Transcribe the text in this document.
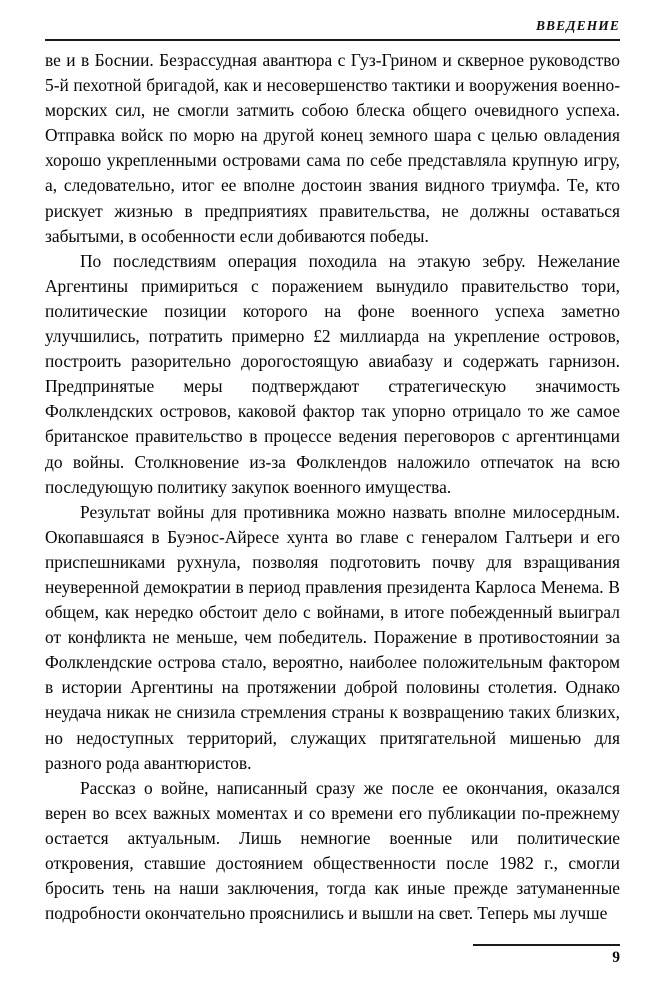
ВВЕДЕНИЕ

ве и в Боснии. Безрассудная авантюра с Гуз-Грином и скверное руководство 5-й пехотной бригадой, как и несовершенство тактики и вооружения военно-морских сил, не смогли затмить собою блеска общего очевидного успеха. Отправка войск по морю на другой конец земного шара с целью овладения хорошо укрепленными островами сама по себе представляла крупную игру, а, следовательно, итог ее вполне достоин звания видного триумфа. Те, кто рискует жизнью в предприятиях правительства, не должны оставаться забытыми, в особенности если добиваются победы.

По последствиям операция походила на этакую зебру. Нежелание Аргентины примириться с поражением вынудило правительство тори, политические позиции которого на фоне военного успеха заметно улучшились, потратить примерно £2 миллиарда на укрепление островов, построить разорительно дорогостоящую авиабазу и содержать гарнизон. Предпринятые меры подтверждают стратегическую значимость Фолклендских островов, каковой фактор так упорно отрицало то же самое британское правительство в процессе ведения переговоров с аргентинцами до войны. Столкновение из-за Фолклендов наложило отпечаток на всю последующую политику закупок военного имущества.

Результат войны для противника можно назвать вполне милосердным. Окопавшаяся в Буэнос-Айресе хунта во главе с генералом Галтьери и его приспешниками рухнула, позволяя подготовить почву для взращивания неуверенной демократии в период правления президента Карлоса Менема. В общем, как нередко обстоит дело с войнами, в итоге побежденный выиграл от конфликта не меньше, чем победитель. Поражение в противостоянии за Фолклендские острова стало, вероятно, наиболее положительным фактором в истории Аргентины на протяжении доброй половины столетия. Однако неудача никак не снизила стремления страны к возвращению таких близких, но недоступных территорий, служащих притягательной мишенью для разного рода авантюристов.

Рассказ о войне, написанный сразу же после ее окончания, оказался верен во всех важных моментах и со времени его публикации по-прежнему остается актуальным. Лишь немногие военные или политические откровения, ставшие достоянием общественности после 1982 г., смогли бросить тень на наши заключения, тогда как иные прежде затуманенные подробности окончательно прояснились и вышли на свет. Теперь мы лучше

9
